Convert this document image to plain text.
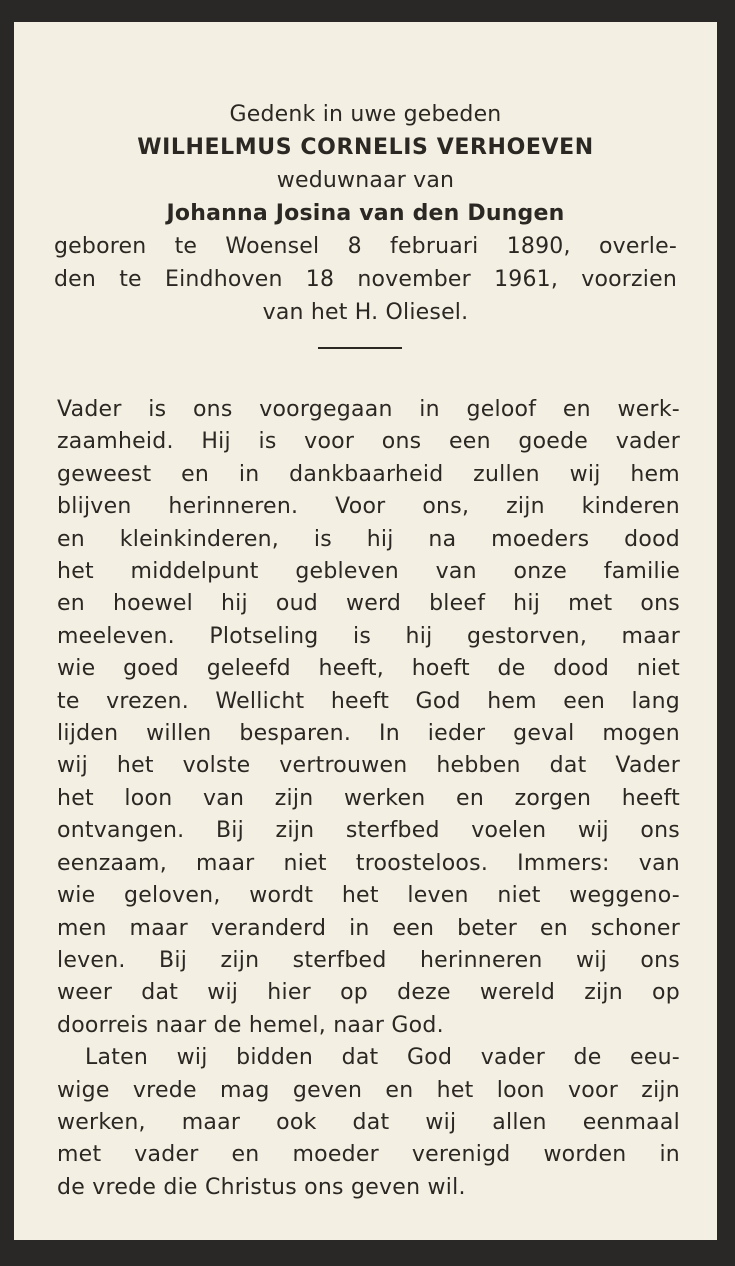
Gedenk in uwe gebeden
WILHELMUS CORNELIS VERHOEVEN
weduwnaar van
Johanna Josina van den Dungen
geboren te Woensel 8 februari 1890, overle-
den te Eindhoven 18 november 1961, voorzien
van het H. Oliesel.
Vader is ons voorgegaan in geloof en werk-
zaamheid. Hij is voor ons een goede vader
geweest en in dankbaarheid zullen wij hem
blijven herinneren. Voor ons, zijn kinderen
en kleinkinderen, is hij na moeders dood
het middelpunt gebleven van onze familie
en hoewel hij oud werd bleef hij met ons
meeleven. Plotseling is hij gestorven, maar
wie goed geleefd heeft, hoeft de dood niet
te vrezen. Wellicht heeft God hem een lang
lijden willen besparen. In ieder geval mogen
wij het volste vertrouwen hebben dat Vader
het loon van zijn werken en zorgen heeft
ontvangen. Bij zijn sterfbed voelen wij ons
eenzaam, maar niet troosteloos. Immers: van
wie geloven, wordt het leven niet weggeno-
men maar veranderd in een beter en schoner
leven. Bij zijn sterfbed herinneren wij ons
weer dat wij hier op deze wereld zijn op
doorreis naar de hemel, naar God.
Laten wij bidden dat God vader de eeu-
wige vrede mag geven en het loon voor zijn
werken, maar ook dat wij allen eenmaal
met vader en moeder verenigd worden in
de vrede die Christus ons geven wil.
